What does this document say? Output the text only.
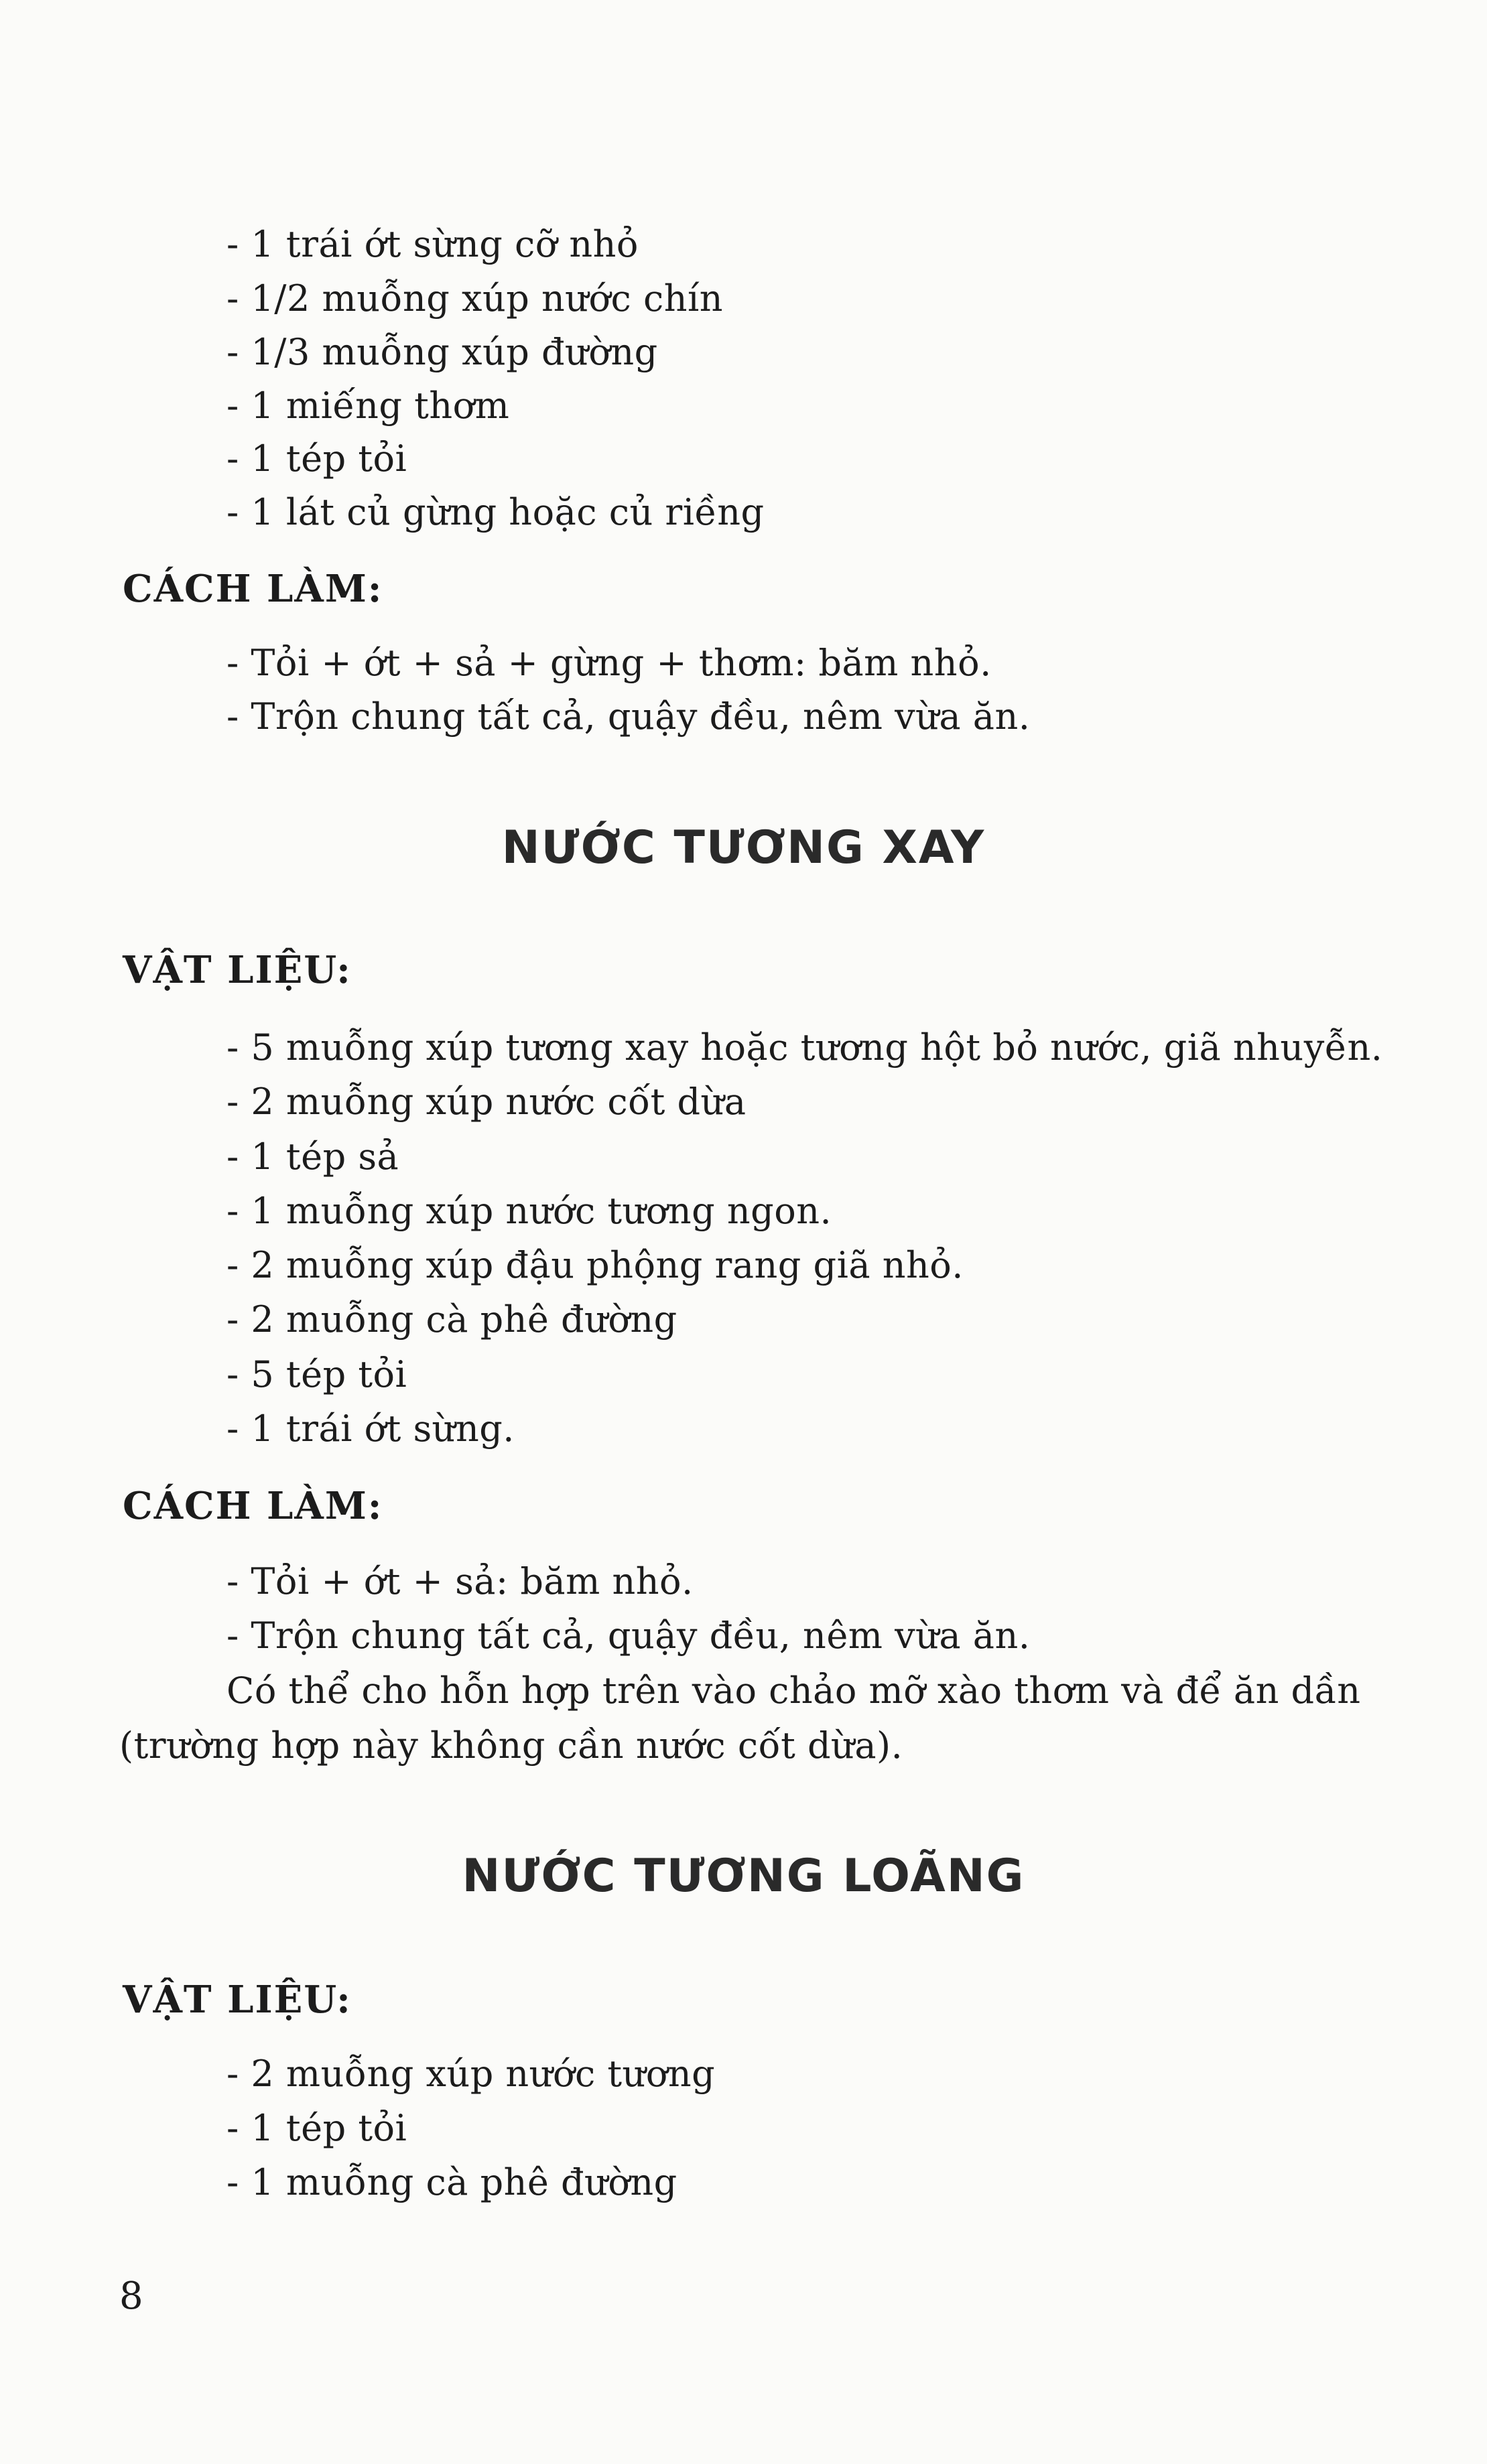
- 1 trái ớt sừng cỡ nhỏ
- 1/2 muỗng xúp nước chín
- 1/3 muỗng xúp đường
- 1 miếng thơm
- 1 tép tỏi
- 1 lát củ gừng hoặc củ riềng
CÁCH LÀM:
- Tỏi + ớt + sả + gừng + thơm: băm nhỏ.
- Trộn chung tất cả, quậy đều, nêm vừa ăn.
NƯỚC TƯƠNG XAY
VẬT LIỆU:
- 5 muỗng xúp tương xay hoặc tương hột bỏ nước, giã nhuyễn.
- 2 muỗng xúp nước cốt dừa
- 1 tép sả
- 1 muỗng xúp nước tương ngon.
- 2 muỗng xúp đậu phộng rang giã nhỏ.
- 2 muỗng cà phê đường
- 5 tép tỏi
- 1 trái ớt sừng.
CÁCH LÀM:
- Tỏi + ớt + sả: băm nhỏ.
- Trộn chung tất cả, quậy đều, nêm vừa ăn.
Có thể cho hỗn hợp trên vào chảo mỡ xào thơm và để ăn dần
(trường hợp này không cần nước cốt dừa).
NƯỚC TƯƠNG LOÃNG
VẬT LIỆU:
- 2 muỗng xúp nước tương
- 1 tép tỏi
- 1 muỗng cà phê đường
8
